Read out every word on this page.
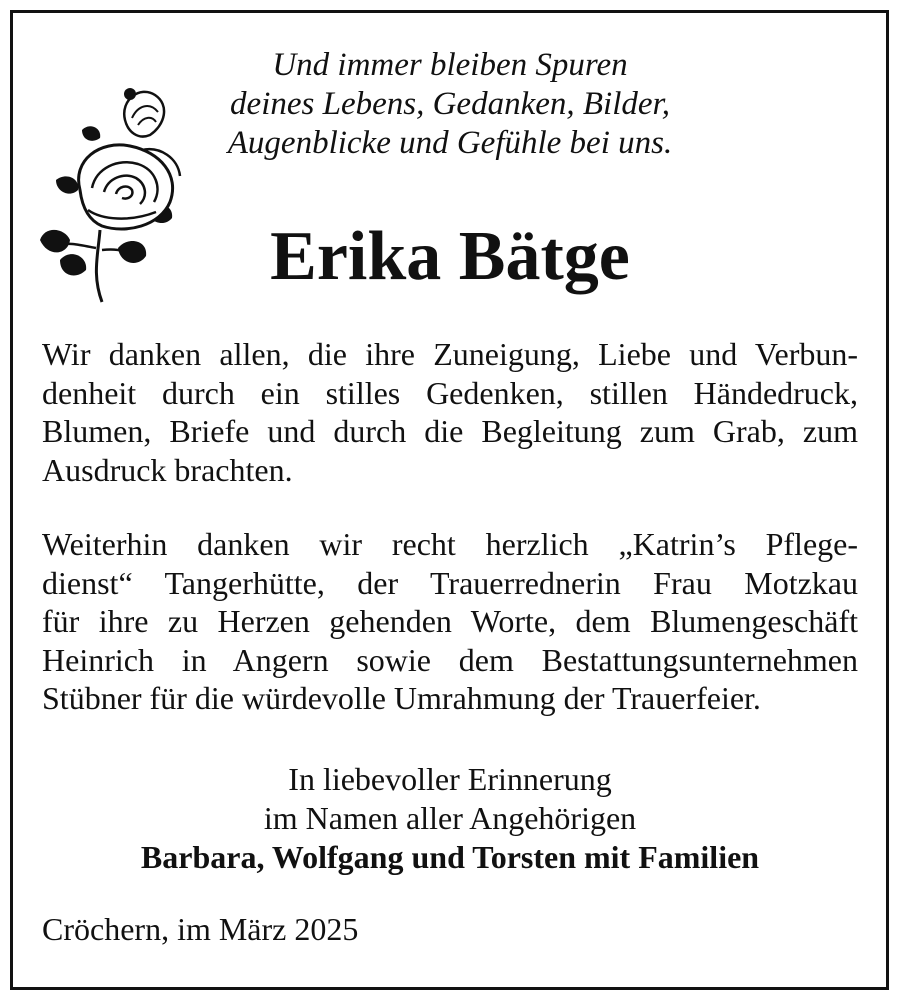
Und immer bleiben Spuren
deines Lebens, Gedanken, Bilder,
Augenblicke und Gefühle bei uns.
Erika Bätge
Wir danken allen, die ihre Zuneigung, Liebe und Verbun-
denheit durch ein stilles Gedenken, stillen Händedruck,
Blumen, Briefe und durch die Begleitung zum Grab, zum
Ausdruck brachten.
Weiterhin danken wir recht herzlich „Katrin’s Pflege-
dienst“ Tangerhütte, der Trauerrednerin Frau Motzkau
für ihre zu Herzen gehenden Worte, dem Blumengeschäft
Heinrich in Angern sowie dem Bestattungsunternehmen
Stübner für die würdevolle Umrahmung der Trauerfeier.
In liebevoller Erinnerung
im Namen aller Angehörigen
Barbara, Wolfgang und Torsten mit Familien
Cröchern, im März 2025
